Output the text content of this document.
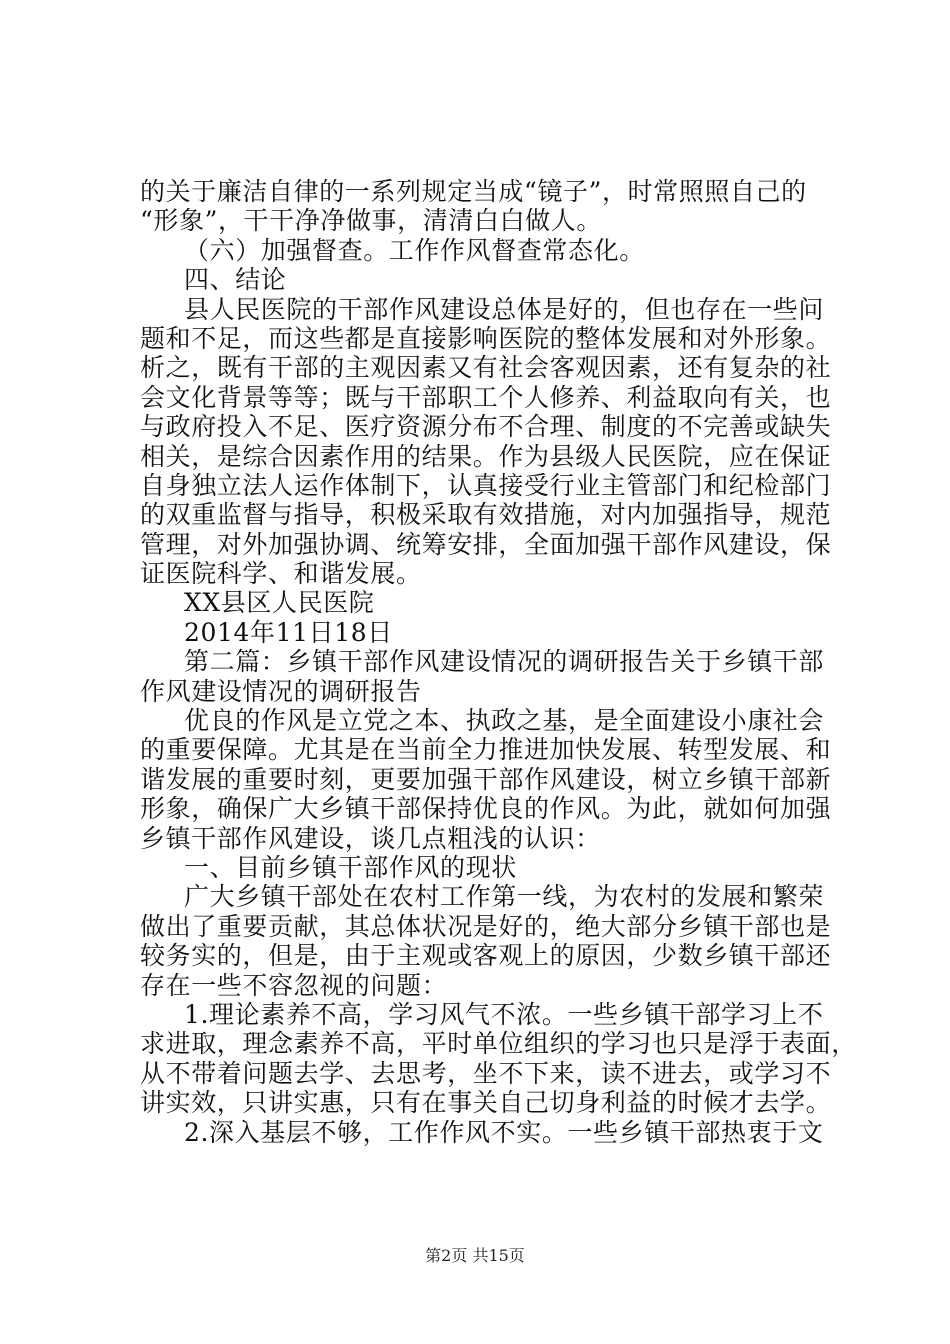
的关于廉洁自律的一系列规定当成“镜子”，时常照照自己的
“形象”，干干净净做事，清清白白做人。
（六）加强督查。工作作风督查常态化。
四、结论
县人民医院的干部作风建设总体是好的，但也存在一些问
题和不足，而这些都是直接影响医院的整体发展和对外形象。
析之，既有干部的主观因素又有社会客观因素，还有复杂的社
会文化背景等等；既与干部职工个人修养、利益取向有关，也
与政府投入不足、医疗资源分布不合理、制度的不完善或缺失
相关，是综合因素作用的结果。作为县级人民医院，应在保证
自身独立法人运作体制下，认真接受行业主管部门和纪检部门
的双重监督与指导，积极采取有效措施，对内加强指导，规范
管理，对外加强协调、统筹安排，全面加强干部作风建设，保
证医院科学、和谐发展。
XX县区人民医院
2014年11日18日
第二篇：乡镇干部作风建设情况的调研报告关于乡镇干部
作风建设情况的调研报告
优良的作风是立党之本、执政之基，是全面建设小康社会
的重要保障。尤其是在当前全力推进加快发展、转型发展、和
谐发展的重要时刻，更要加强干部作风建设，树立乡镇干部新
形象，确保广大乡镇干部保持优良的作风。为此，就如何加强
乡镇干部作风建设，谈几点粗浅的认识：
一、目前乡镇干部作风的现状
广大乡镇干部处在农村工作第一线，为农村的发展和繁荣
做出了重要贡献，其总体状况是好的，绝大部分乡镇干部也是
较务实的，但是，由于主观或客观上的原因，少数乡镇干部还
存在一些不容忽视的问题：
1.理论素养不高，学习风气不浓。一些乡镇干部学习上不
求进取，理念素养不高，平时单位组织的学习也只是浮于表面，
从不带着问题去学、去思考，坐不下来，读不进去，或学习不
讲实效，只讲实惠，只有在事关自己切身利益的时候才去学。
2.深入基层不够，工作作风不实。一些乡镇干部热衷于文
第2页 共15页
